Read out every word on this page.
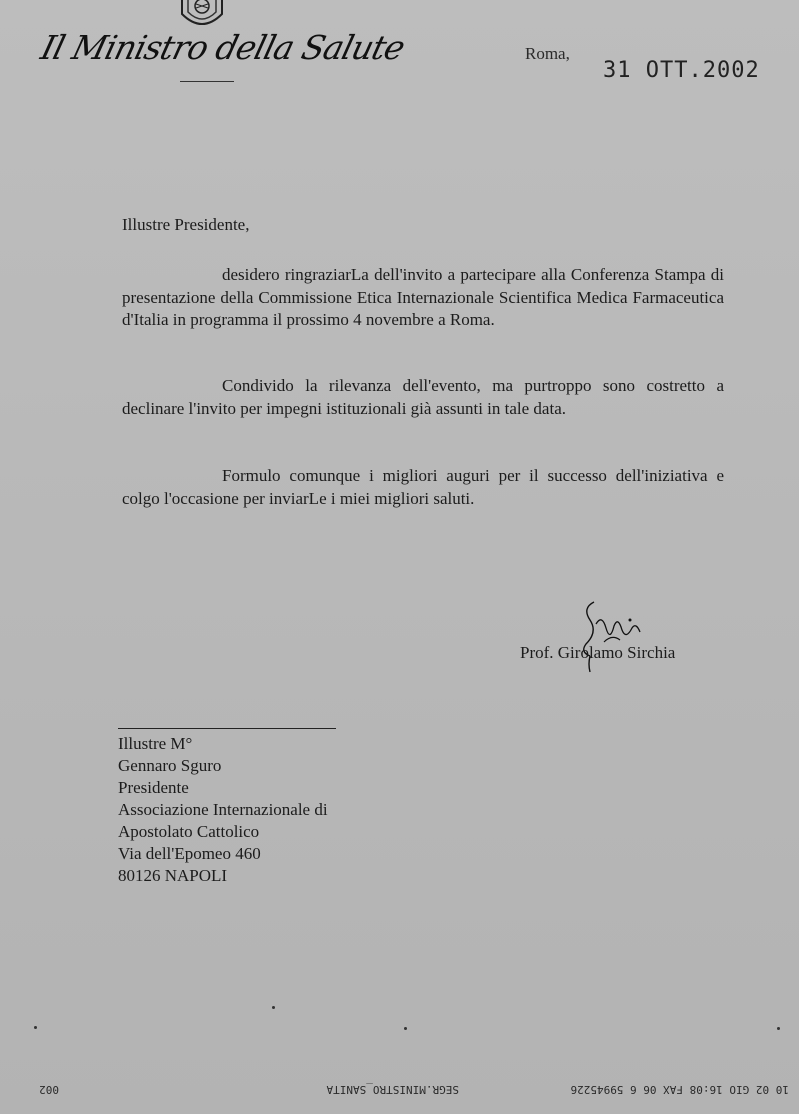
Il Ministro della Salute	Roma,
31 OTT.2002
Illustre Presidente,

desidero ringraziarLa dell'invito a partecipare alla Conferenza Stampa di presentazione della Commissione Etica Internazionale Scientifica Medica Farmaceutica d'Italia in programma il prossimo 4 novembre a Roma.

Condivido la rilevanza dell'evento, ma purtroppo sono costretto a declinare l'invito per impegni istituzionali già assunti in tale data.

Formulo comunque i migliori auguri per il successo dell'iniziativa e colgo l'occasione per inviarLe i miei migliori saluti.

Prof. Girolamo Sirchia
Illustre M°
Gennaro Sguro
Presidente
Associazione Internazionale di
Apostolato Cattolico
Via dell'Epomeo 460
80126 NAPOLI
10 02 GIO 16:08 FAX 06 6 59945226
SEGR.MINISTRO_SANITA
002
